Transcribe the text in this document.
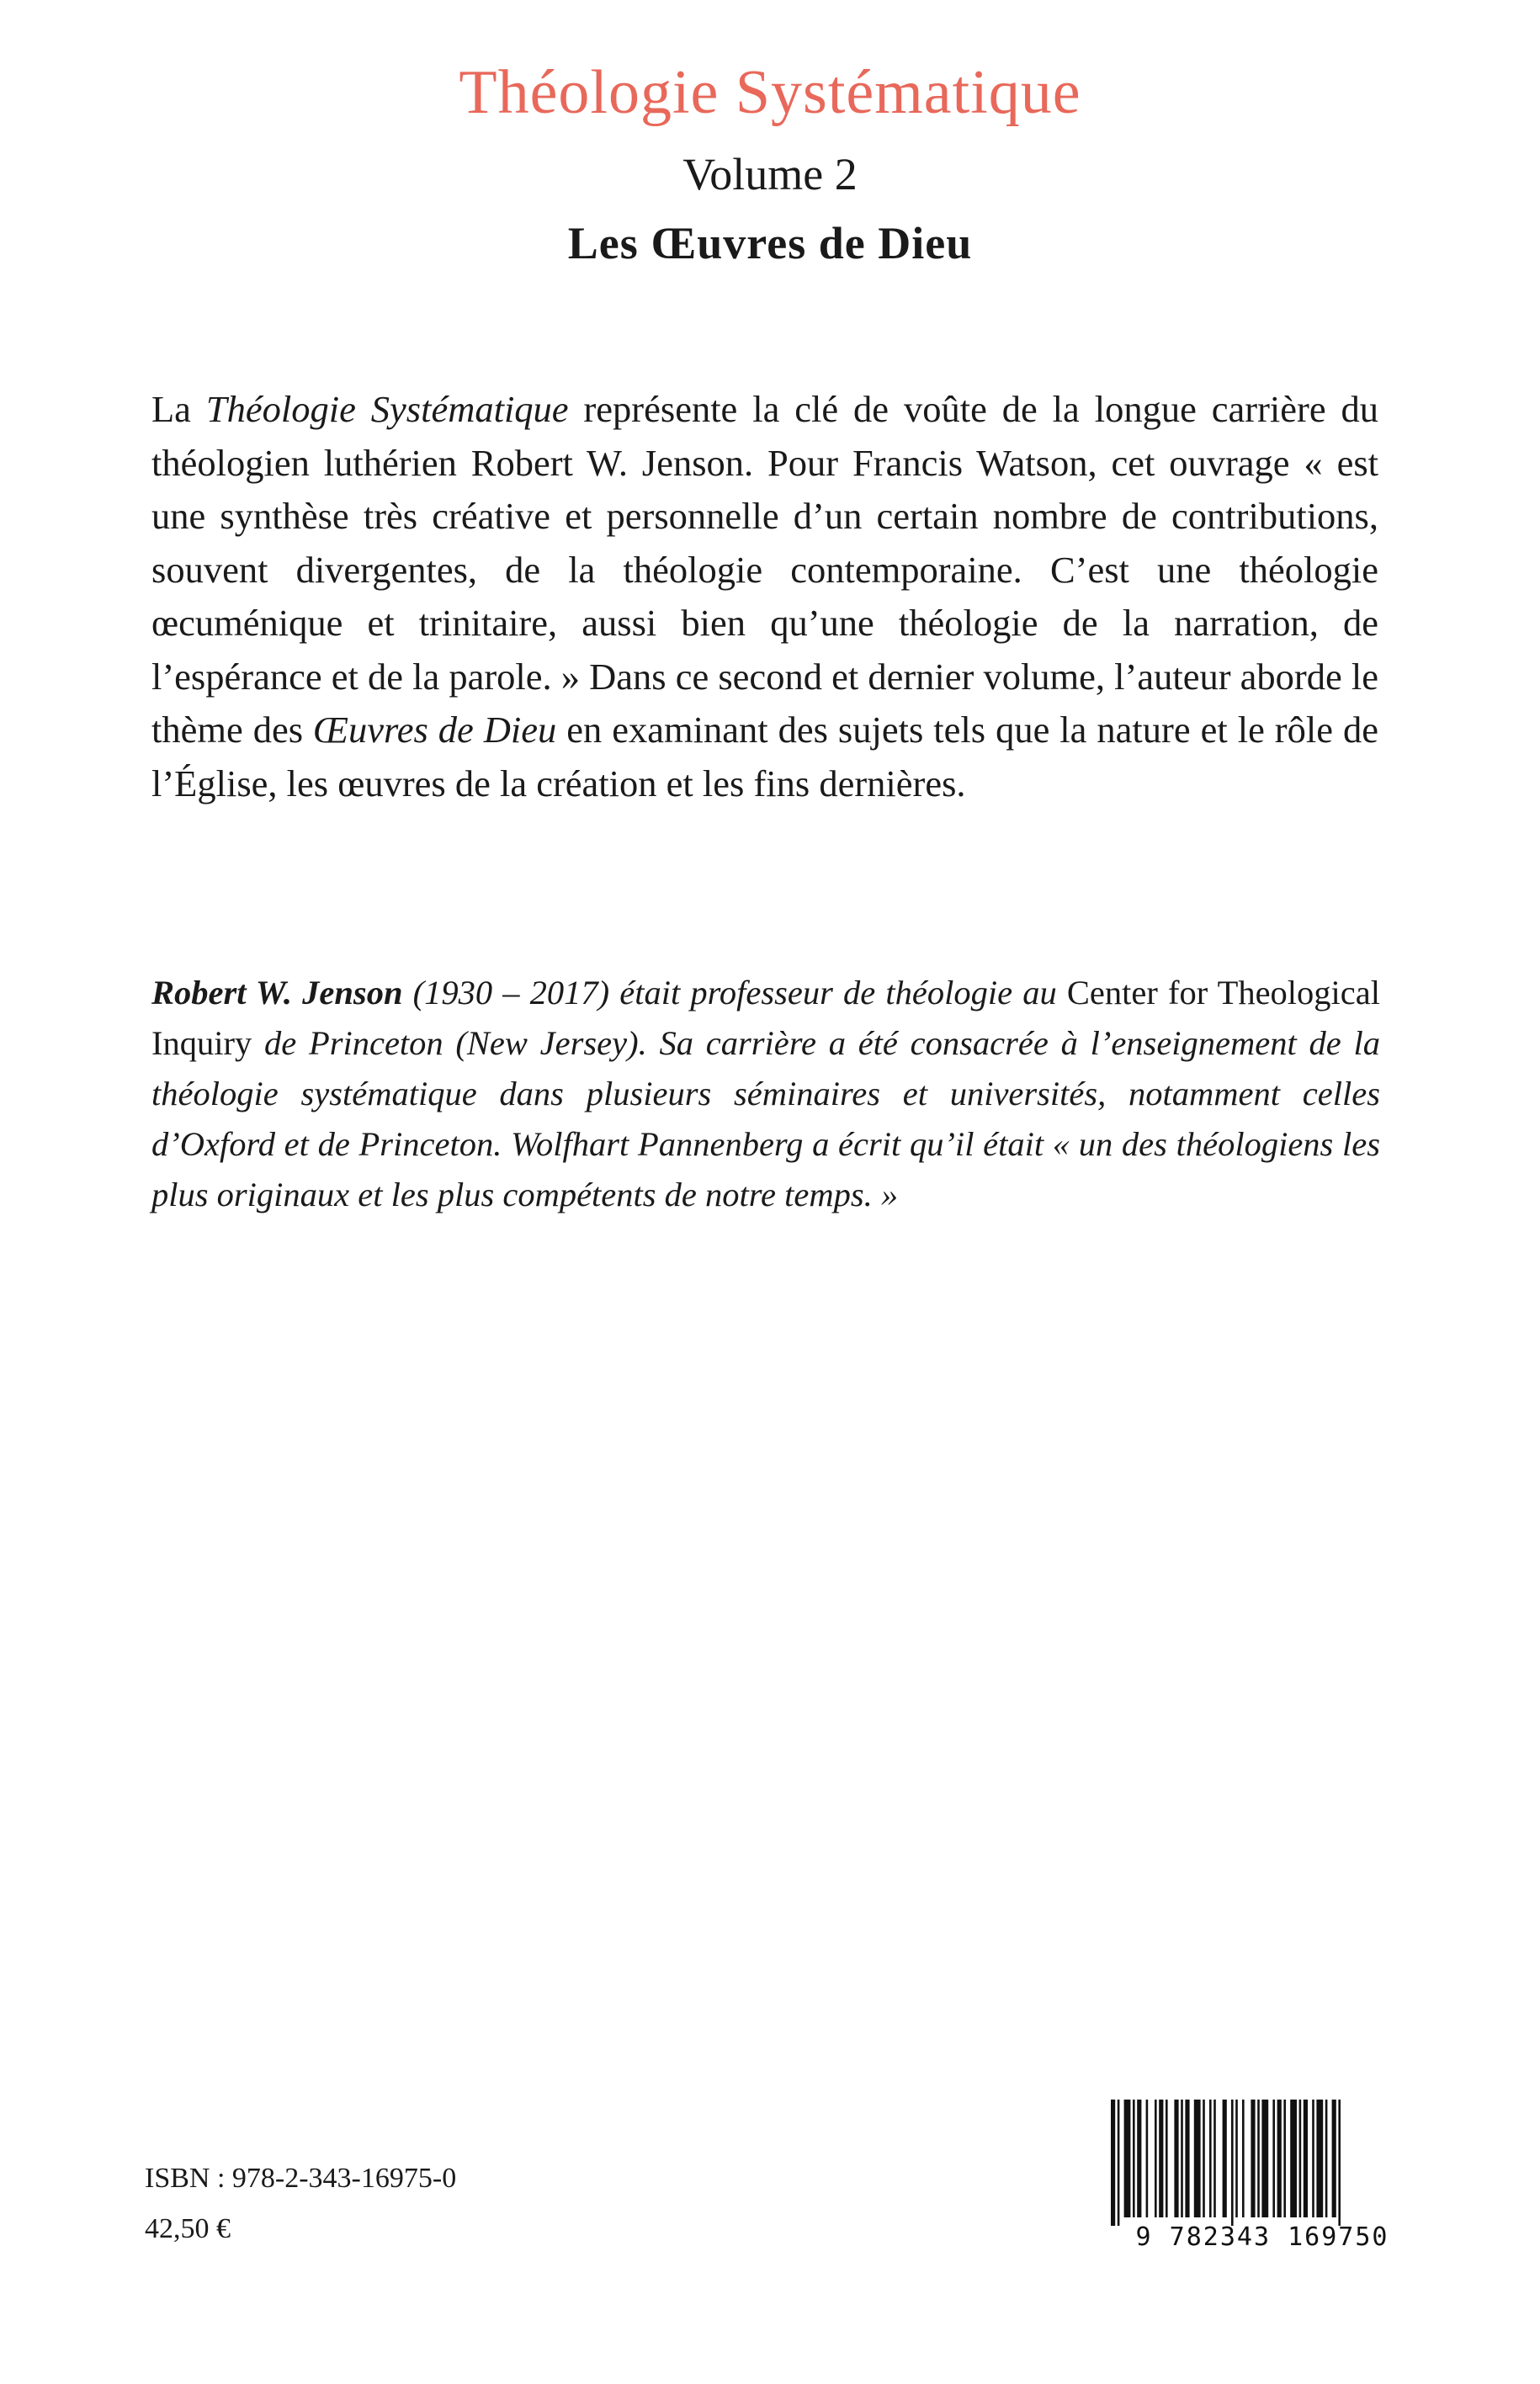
Théologie Systématique
Volume 2
Les Œuvres de Dieu

La Théologie Systématique représente la clé de voûte de la longue carrière du théologien luthérien Robert W. Jenson. Pour Francis Watson, cet ouvrage « est une synthèse très créative et personnelle d’un certain nombre de contributions, souvent divergentes, de la théologie contemporaine. C’est une théologie œcuménique et trinitaire, aussi bien qu’une théologie de la narration, de l’espérance et de la parole. » Dans ce second et dernier volume, l’auteur aborde le thème des Œuvres de Dieu en examinant des sujets tels que la nature et le rôle de l’Église, les œuvres de la création et les fins dernières.

Robert W. Jenson (1930 – 2017) était professeur de théologie au Center for Theological Inquiry de Princeton (New Jersey). Sa carrière a été consacrée à l’enseignement de la théologie systématique dans plusieurs séminaires et universités, notamment celles d’Oxford et de Princeton. Wolfhart Pannenberg a écrit qu’il était « un des théologiens les plus originaux et les plus compétents de notre temps. »

ISBN : 978-2-343-16975-0
42,50 €	9 782343 169750
